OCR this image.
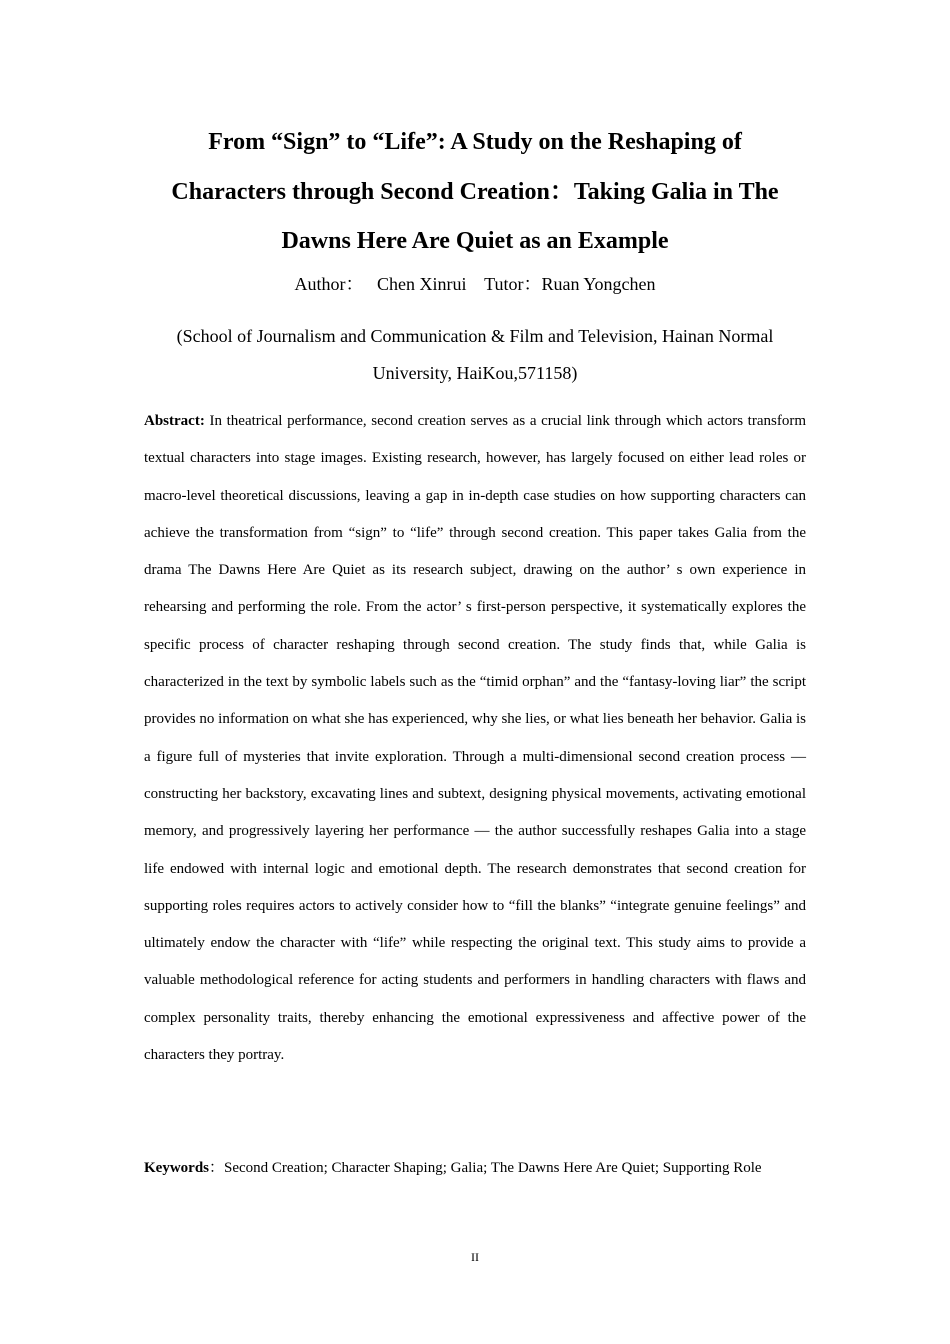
From “Sign” to “Life”: A Study on the Reshaping of
Characters through Second Creation：Taking Galia in The
Dawns Here Are Quiet as an Example
Author： Chen Xinrui Tutor：Ruan Yongchen
(School of Journalism and Communication & Film and Television, Hainan Normal University, HaiKou,571158)

Abstract: In theatrical performance, second creation serves as a crucial link through which actors transform textual characters into stage images. Existing research, however, has largely focused on either lead roles or macro-level theoretical discussions, leaving a gap in in-depth case studies on how supporting characters can achieve the transformation from “sign” to “life” through second creation. This paper takes Galia from the drama The Dawns Here Are Quiet as its research subject, drawing on the author’ s own experience in rehearsing and performing the role. From the actor’ s first-person perspective, it systematically explores the specific process of character reshaping through second creation. The study finds that, while Galia is characterized in the text by symbolic labels such as the “timid orphan” and the “fantasy-loving liar” the script provides no information on what she has experienced, why she lies, or what lies beneath her behavior. Galia is a figure full of mysteries that invite exploration. Through a multi-dimensional second creation process — constructing her backstory, excavating lines and subtext, designing physical movements, activating emotional memory, and progressively layering her performance — the author successfully reshapes Galia into a stage life endowed with internal logic and emotional depth. The research demonstrates that second creation for supporting roles requires actors to actively consider how to “fill the blanks” “integrate genuine feelings” and ultimately endow the character with “life” while respecting the original text. This study aims to provide a valuable methodological reference for acting students and performers in handling characters with flaws and complex personality traits, thereby enhancing the emotional expressiveness and affective power of the characters they portray.

Keywords：Second Creation; Character Shaping; Galia; The Dawns Here Are Quiet; Supporting Role

II
